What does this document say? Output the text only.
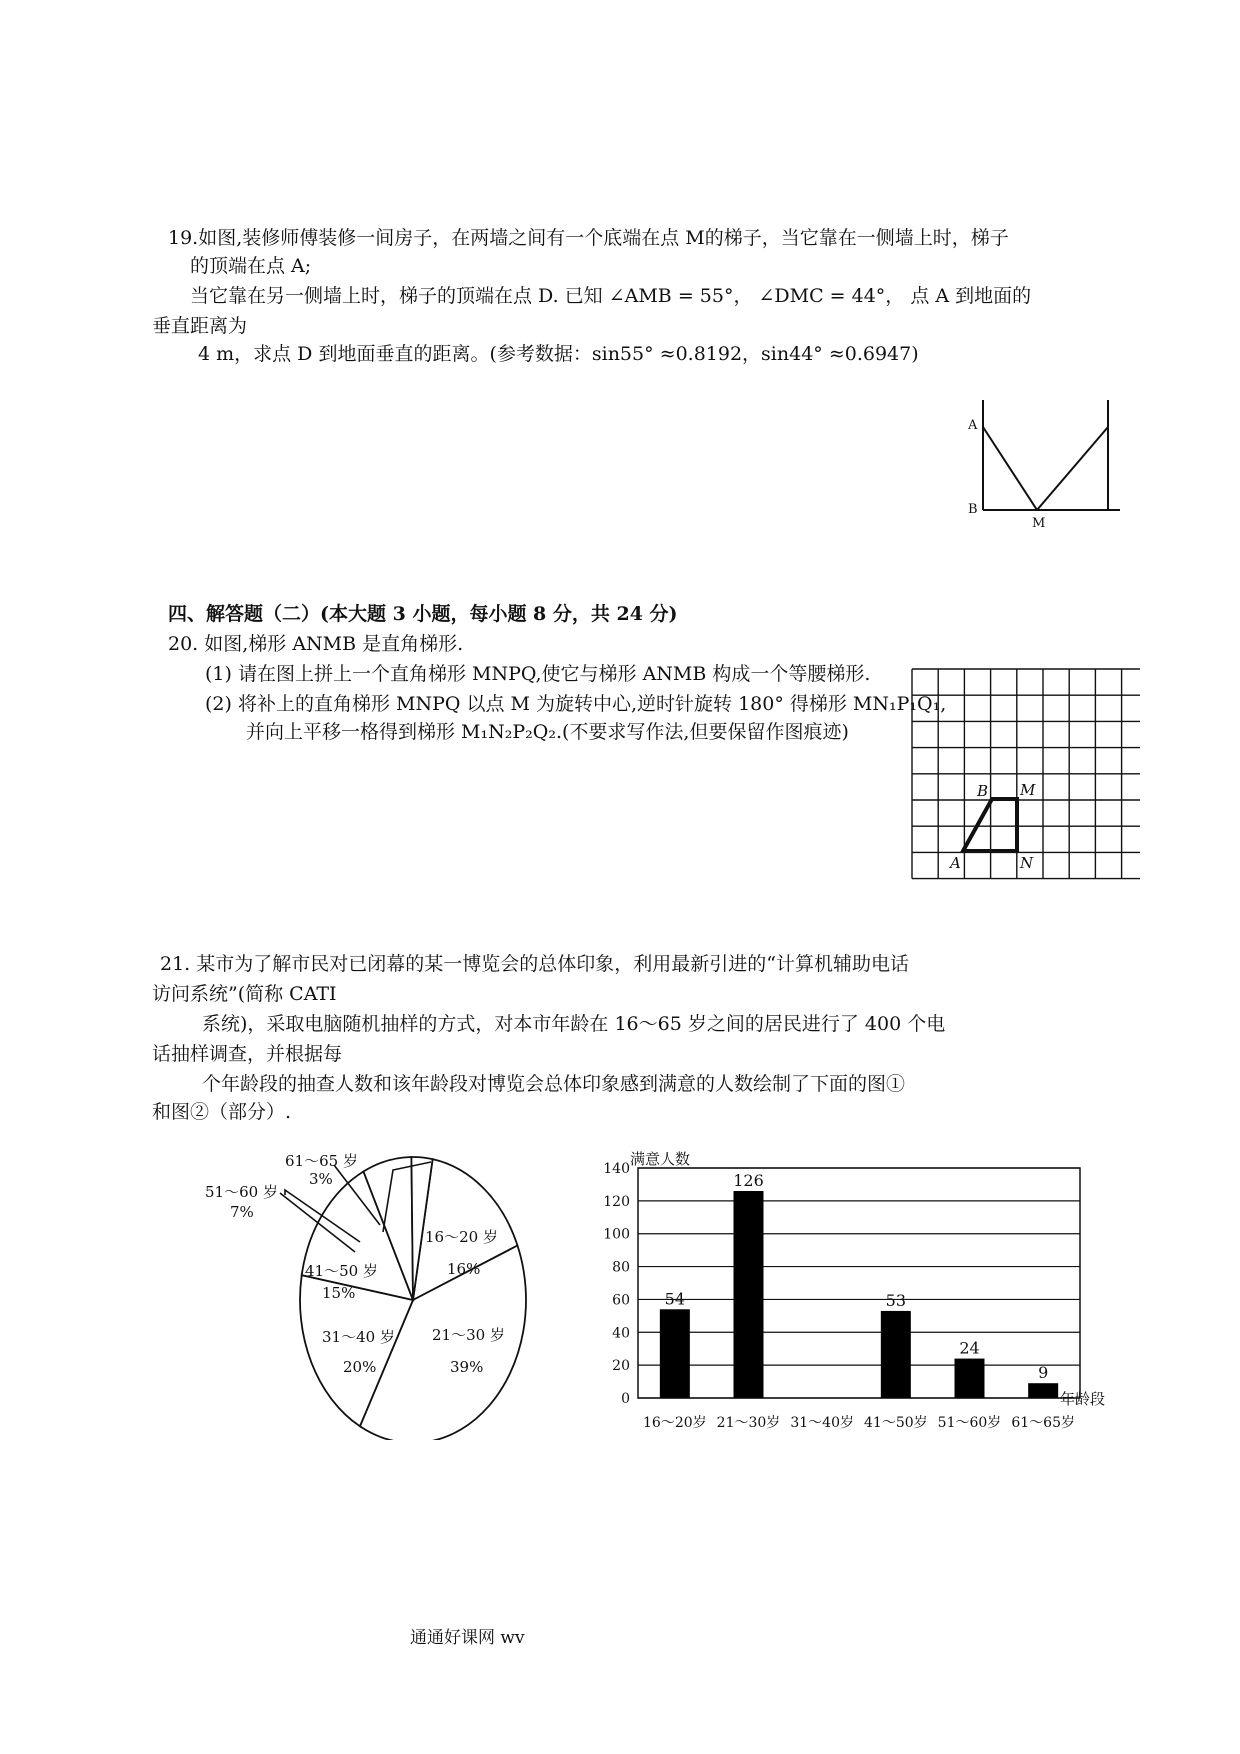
19.如图,装修师傅装修一间房子，在两墙之间有一个底端在点 M的梯子，当它靠在一侧墙上时，梯子
的顶端在点 A;
当它靠在另一侧墙上时，梯子的顶端在点 D. 已知 ∠AMB = 55°， ∠DMC = 44°， 点 A 到地面的
垂直距离为
4 m，求点 D 到地面垂直的距离。(参考数据：sin55° ≈0.8192，sin44° ≈0.6947)
A
B
M
四、解答题（二）(本大题 3 小题，每小题 8 分，共 24 分)
20. 如图,梯形 ANMB 是直角梯形.
(1) 请在图上拼上一个直角梯形 MNPQ,使它与梯形 ANMB 构成一个等腰梯形.
(2) 将补上的直角梯形 MNPQ 以点 M 为旋转中心,逆时针旋转 180° 得梯形 MN₁P₁Q₁,
并向上平移一格得到梯形 M₁N₂P₂Q₂.(不要求写作法,但要保留作图痕迹)
B M
A	N
21. 某市为了解市民对已闭幕的某一博览会的总体印象，利用最新引进的“计算机辅助电话
访问系统”(简称 CATI
系统)，采取电脑随机抽样的方式，对本市年龄在 16～65 岁之间的居民进行了 400 个电
话抽样调查，并根据每
个年龄段的抽查人数和该年龄段对博览会总体印象感到满意的人数绘制了下面的图①
和图②（部分）.
61～65 岁
3%
51～60 岁
7%
16～20 岁
16%
41～50 岁
15%
31～40 岁
20%
21～30 岁
39%
满意人数
年龄段
0
20
40
60
80
100
120
140
54
16～20岁
126
21～30岁 31～40岁
53
41～50岁
24
51～60岁
9
61～65岁
通通好课网 wv
